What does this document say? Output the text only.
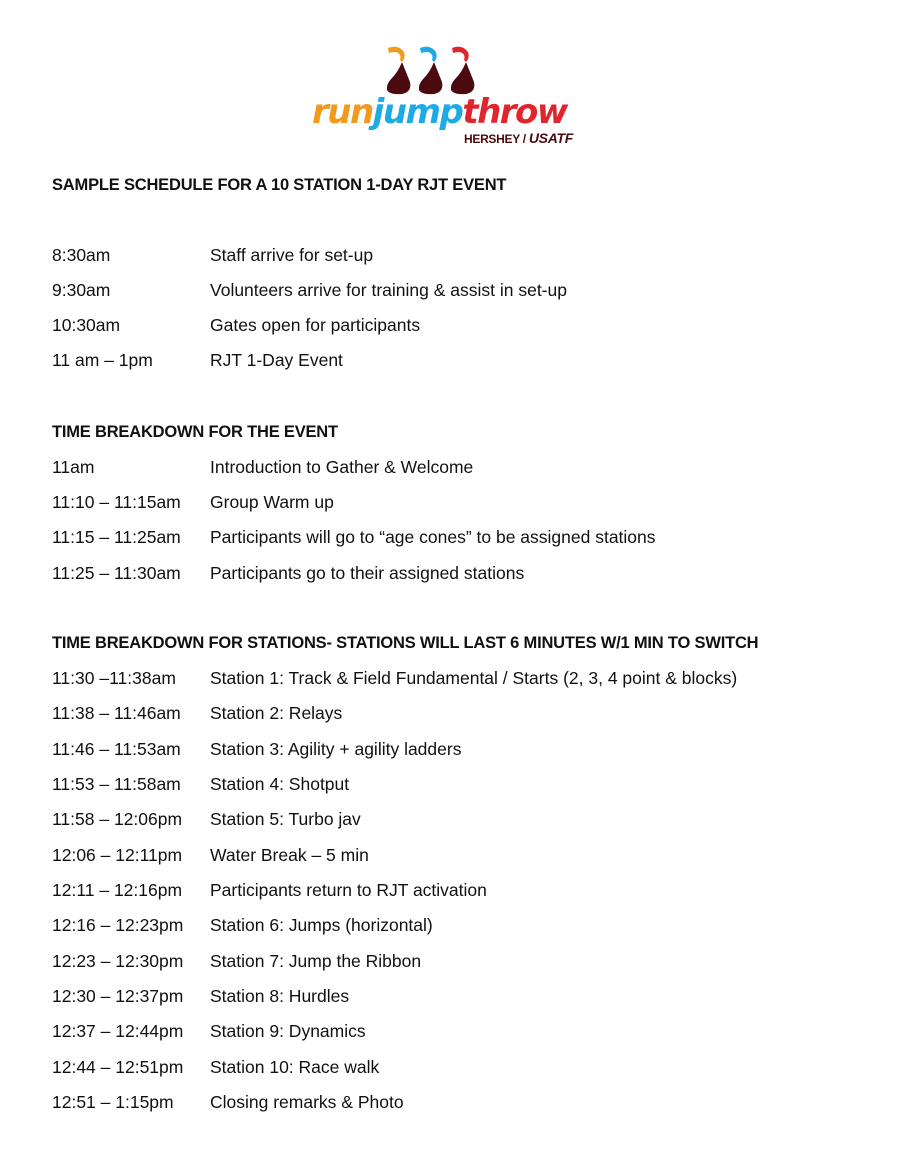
runjumpthrow
HERSHEY / USATF
SAMPLE SCHEDULE FOR A 10 STATION 1-DAY RJT EVENT
8:30am	Staff arrive for set-up
9:30am	Volunteers arrive for training & assist in set-up
10:30am	Gates open for participants
11 am – 1pm	RJT 1-Day Event
TIME BREAKDOWN FOR THE EVENT
11am	Introduction to Gather & Welcome
11:10 – 11:15am Group Warm up
11:15 – 11:25am Participants will go to “age cones” to be assigned stations
11:25 – 11:30am Participants go to their assigned stations
TIME BREAKDOWN FOR STATIONS- STATIONS WILL LAST 6 MINUTES W/1 MIN TO SWITCH
11:30 –11:38am Station 1: Track & Field Fundamental / Starts (2, 3, 4 point & blocks)
11:38 – 11:46am Station 2: Relays
11:46 – 11:53am Station 3: Agility + agility ladders
11:53 – 11:58am Station 4: Shotput
11:58 – 12:06pm Station 5: Turbo jav
12:06 – 12:11pm Water Break – 5 min
12:11 – 12:16pm Participants return to RJT activation
12:16 – 12:23pm Station 6: Jumps (horizontal)
12:23 – 12:30pm Station 7: Jump the Ribbon
12:30 – 12:37pm Station 8: Hurdles
12:37 – 12:44pm Station 9: Dynamics
12:44 – 12:51pm Station 10: Race walk
12:51 – 1:15pm Closing remarks & Photo
